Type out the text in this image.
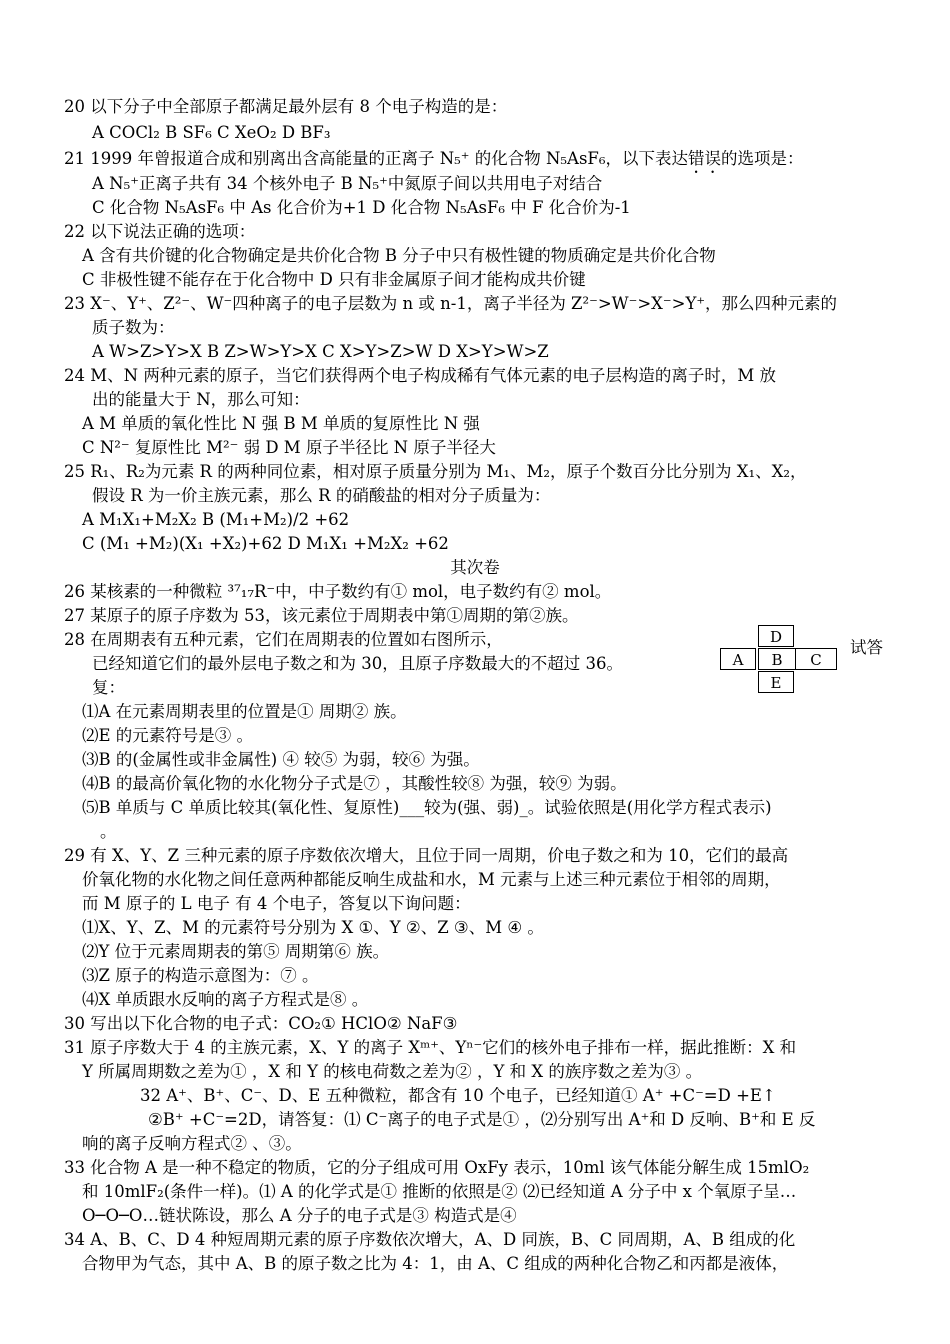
20 以下分子中全部原子都满足最外层有 8 个电子构造的是：
A COCl₂ B SF₆ C XeO₂ D BF₃
21 1999 年曾报道合成和别离出含高能量的正离子 N₅⁺ 的化合物 N₅AsF₆，以下表达错误的选项是：
A N₅⁺正离子共有 34 个核外电子 B N₅⁺中氮原子间以共用电子对结合
C 化合物 N₅AsF₆ 中 As 化合价为+1 D 化合物 N₅AsF₆ 中 F 化合价为-1
22 以下说法正确的选项：
A 含有共价键的化合物确定是共价化合物 B 分子中只有极性键的物质确定是共价化合物
C 非极性键不能存在于化合物中 D 只有非金属原子间才能构成共价键
23 X⁻、Y⁺、Z²⁻、W⁻四种离子的电子层数为 n 或 n-1，离子半径为 Z²⁻>W⁻>X⁻>Y⁺，那么四种元素的
质子数为：
A W>Z>Y>X B Z>W>Y>X C X>Y>Z>W D X>Y>W>Z
24 M、N 两种元素的原子，当它们获得两个电子构成稀有气体元素的电子层构造的离子时，M 放
出的能量大于 N，那么可知：
A M 单质的氧化性比 N 强 B M 单质的复原性比 N 强
C N²⁻ 复原性比 M²⁻ 弱 D M 原子半径比 N 原子半径大
25 R₁、R₂为元素 R 的两种同位素，相对原子质量分别为 M₁、M₂，原子个数百分比分别为 X₁、X₂，
假设 R 为一价主族元素，那么 R 的硝酸盐的相对分子质量为：
A M₁X₁+M₂X₂ B (M₁+M₂)/2 +62
C (M₁ +M₂)(X₁ +X₂)+62 D M₁X₁ +M₂X₂ +62
其次卷
26 某核素的一种微粒 ³⁷₁₇R⁻中，中子数约有① mol，电子数约有② mol。
27 某原子的原子序数为 53，该元素位于周期表中第①周期的第②族。
28 在周期表有五种元素，它们在周期表的位置如右图所示，
已经知道它们的最外层电子数之和为 30，且原子序数最大的不超过 36。
试答
复：
D
A	B	C
E
⑴A 在元素周期表里的位置是① 周期② 族。
⑵E 的元素符号是③ 。
⑶B 的(金属性或非金属性) ④ 较⑤ 为弱，较⑥ 为强。
⑷B 的最高价氧化物的水化物分子式是⑦ ，其酸性较⑧ 为强，较⑨ 为弱。
⑸B 单质与 C 单质比较其(氧化性、复原性)___较为(强、弱)_。试验依照是(用化学方程式表示)
。
29 有 X、Y、Z 三种元素的原子序数依次增大，且位于同一周期，价电子数之和为 10，它们的最高
价氧化物的水化物之间任意两种都能反响生成盐和水，M 元素与上述三种元素位于相邻的周期，
而 M 原子的 L 电子 有 4 个电子，答复以下询问题：
⑴X、Y、Z、M 的元素符号分别为 X ①、Y ②、Z ③、M ④ 。
⑵Y 位于元素周期表的第⑤ 周期第⑥ 族。
⑶Z 原子的构造示意图为：⑦ 。
⑷X 单质跟水反响的离子方程式是⑧ 。
30 写出以下化合物的电子式：CO₂① HClO② NaF③
31 原子序数大于 4 的主族元素，X、Y 的离子 Xᵐ⁺、Yⁿ⁻它们的核外电子排布一样，据此推断：X 和
Y 所属周期数之差为① ，X 和 Y 的核电荷数之差为② ，Y 和 X 的族序数之差为③ 。
32 A⁺、B⁺、C⁻、D、E 五种微粒，都含有 10 个电子，已经知道① A⁺ +C⁻=D +E↑
②B⁺ +C⁻=2D，请答复：⑴ C⁻离子的电子式是① ，⑵分别写出 A⁺和 D 反响、B⁺和 E 反
响的离子反响方程式② 、③。
33 化合物 A 是一种不稳定的物质，它的分子组成可用 OxFy 表示，10ml 该气体能分解生成 15mlO₂
和 10mlF₂(条件一样)。⑴ A 的化学式是① 推断的依照是② ⑵已经知道 A 分子中 x 个氧原子呈…
O─O─O…链状陈设，那么 A 分子的电子式是③ 构造式是④
34 A、B、C、D 4 种短周期元素的原子序数依次增大，A、D 同族，B、C 同周期，A、B 组成的化
合物甲为气态，其中 A、B 的原子数之比为 4：1，由 A、C 组成的两种化合物乙和丙都是液体，
